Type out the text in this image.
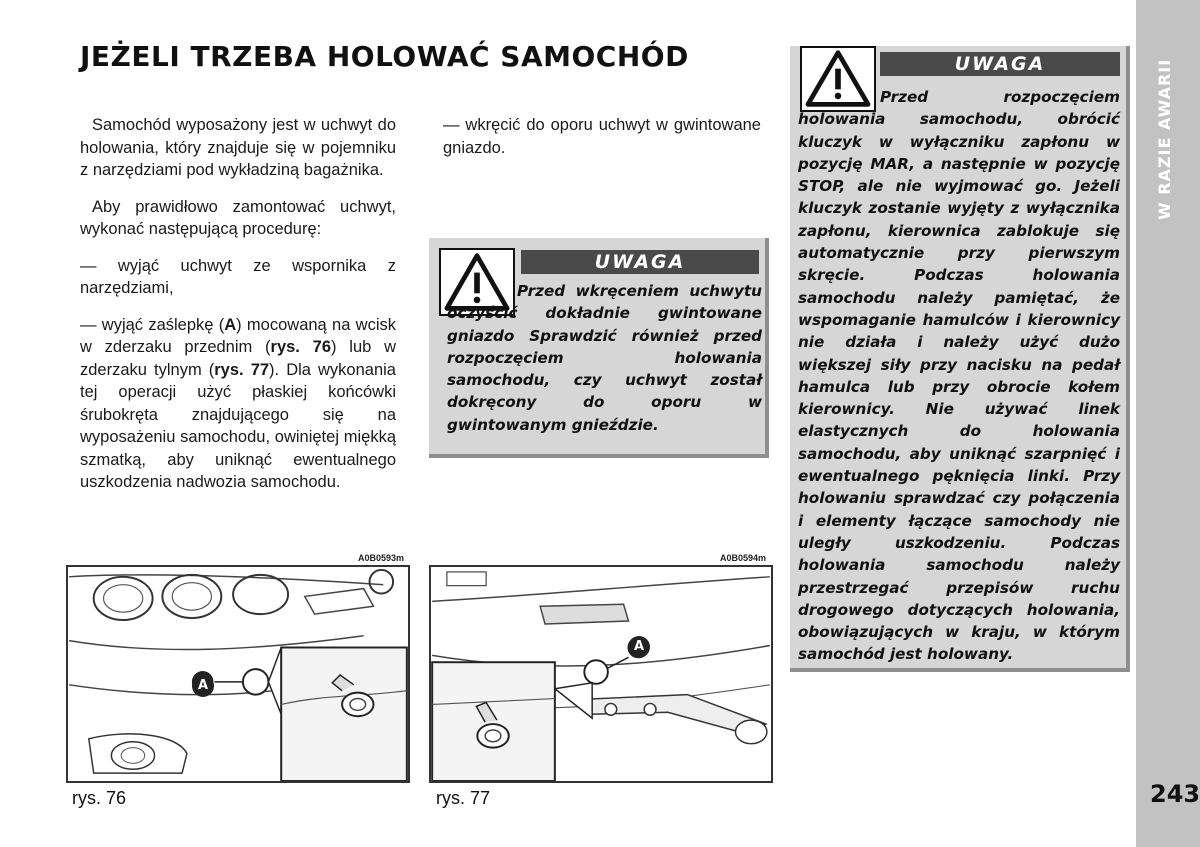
JEŻELI TRZEBA HOLOWAĆ SAMOCHÓD

Samochód wyposażony jest w uchwyt do holowania, który znajduje się w pojemniku z narzędziami pod wykładziną bagażnika.

Aby prawidłowo zamontować uchwyt, wykonać następującą procedurę:

— wyjąć uchwyt ze wspornika z narzędziami,

— wyjąć zaślepkę (A) mocowaną na wcisk w zderzaku przednim (rys. 76) lub w zderzaku tylnym (rys. 77). Dla wykonania tej operacji użyć płaskiej końcówki śrubokręta znajdującego się na wyposażeniu samochodu, owiniętej miękką szmatką, aby uniknąć ewentualnego uszkodzenia nadwozia samochodu.

— wkręcić do oporu uchwyt w gwintowane gniazdo.

UWAGA

Przed wkręceniem uchwytu oczyścić dokładnie gwintowane gniazdo Sprawdzić również przed rozpoczęciem holowania samochodu, czy uchwyt został dokręcony do oporu w gwintowanym gnieździe.

UWAGA

Przed rozpoczęciem holowania samochodu, obrócić kluczyk w wyłączniku zapłonu w pozycję MAR, a następnie w pozycję STOP, ale nie wyjmować go. Jeżeli kluczyk zostanie wyjęty z wyłącznika zapłonu, kierownica zablokuje się automatycznie przy pierwszym skręcie. Podczas holowania samochodu należy pamiętać, że wspomaganie hamulców i kierownicy nie działa i należy użyć dużo większej siły przy nacisku na pedał hamulca lub przy obrocie kołem kierownicy. Nie używać linek elastycznych do holowania samochodu, aby uniknąć szarpnięć i ewentualnego pęknięcia linki. Przy holowaniu sprawdzać czy połączenia i elementy łączące samochody nie uległy uszkodzeniu. Podczas holowania samochodu należy przestrzegać przepisów ruchu drogowego dotyczących holowania, obowiązujących w kraju, w którym samochód jest holowany.

W RAZIE AWARII
243
A0B0593m
rys. 76
A
A0B0594m
rys. 77
A
